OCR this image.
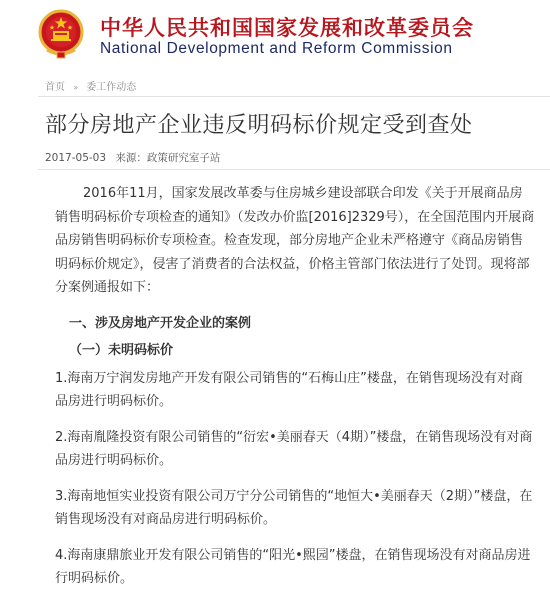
中华人民共和国国家发展和改革委员会
National Development and Reform Commission
首页 » 委工作动态
部分房地产企业违反明码标价规定受到查处
2017-05-03 来源：政策研究室子站

2016年11月，国家发展改革委与住房城乡建设部联合印发《关于开展商品房销售明码标价专项检查的通知》（发改办价监[2016]2329号），在全国范围内开展商品房销售明码标价专项检查。检查发现，部分房地产企业未严格遵守《商品房销售明码标价规定》，侵害了消费者的合法权益，价格主管部门依法进行了处罚。现将部分案例通报如下：

一、涉及房地产开发企业的案例

（一）未明码标价

1.海南万宁润发房地产开发有限公司销售的“石梅山庄”楼盘，在销售现场没有对商品房进行明码标价。

2.海南胤隆投资有限公司销售的“衍宏•美丽春天（4期）”楼盘，在销售现场没有对商品房进行明码标价。

3.海南地恒实业投资有限公司万宁分公司销售的“地恒大•美丽春天（2期）”楼盘，在销售现场没有对商品房进行明码标价。

4.海南康鼎旅业开发有限公司销售的“阳光•熙园”楼盘，在销售现场没有对商品房进行明码标价。
